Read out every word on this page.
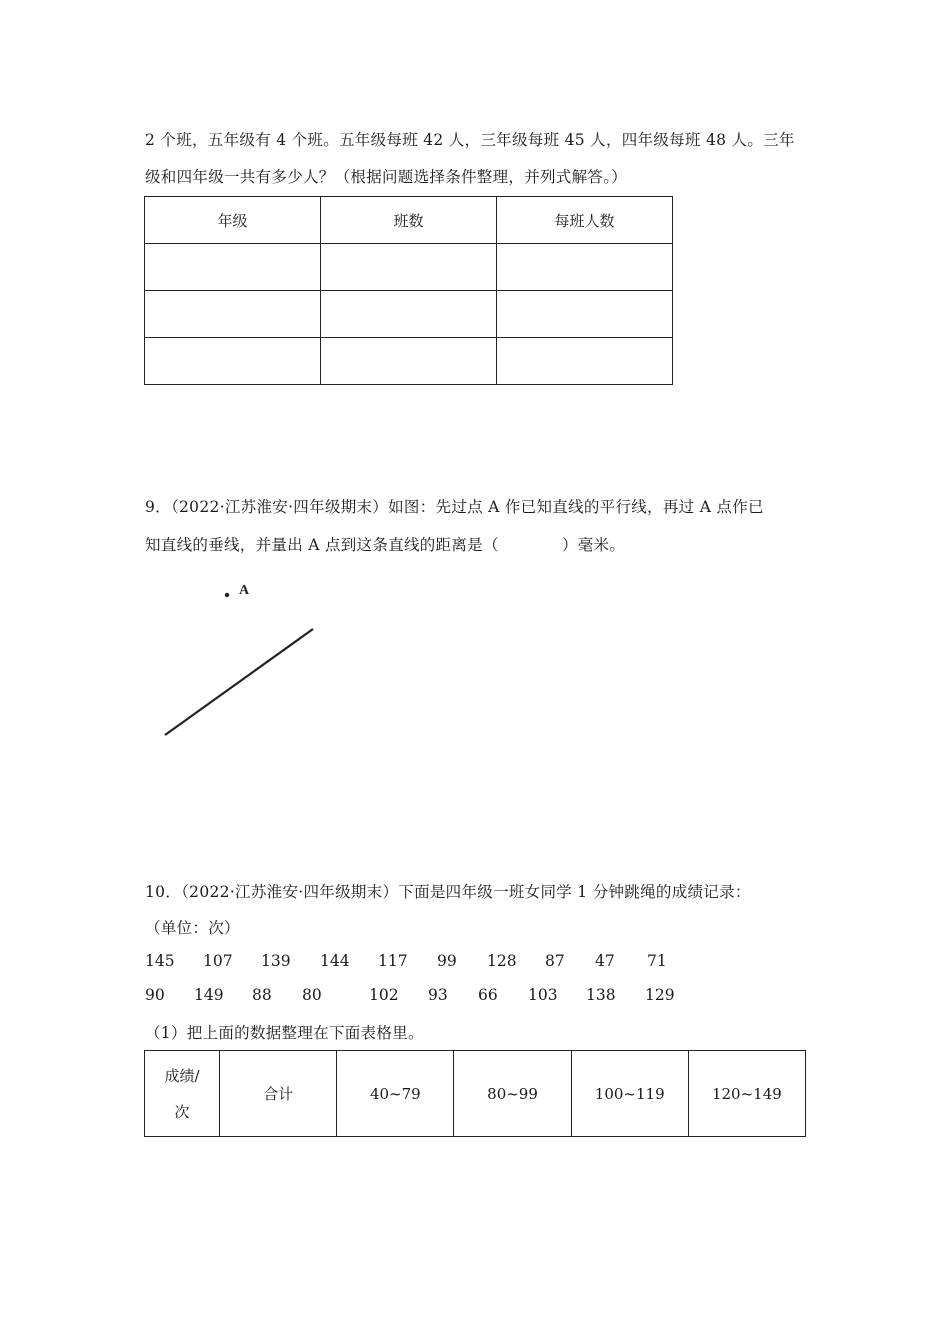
2 个班，五年级有 4 个班。五年级每班 42 人，三年级每班 45 人，四年级每班 48 人。三年
级和四年级一共有多少人？（根据问题选择条件整理，并列式解答。）
年级	班数	每班人数

9．（2022·江苏淮安·四年级期末）如图：先过点 A 作已知直线的平行线，再过 A 点作已
知直线的垂线，并量出 A 点到这条直线的距离是（　　　　）毫米。
A
10．（2022·江苏淮安·四年级期末）下面是四年级一班女同学 1 分钟跳绳的成绩记录：
（单位：次）
145 107 139 144 117 99 128 87 47 71
90 149 88 80	102 93 66 103 138 129
（1）把上面的数据整理在下面表格里。
成绩/
次
	合计	40~79	80~99	100~119	120~149
